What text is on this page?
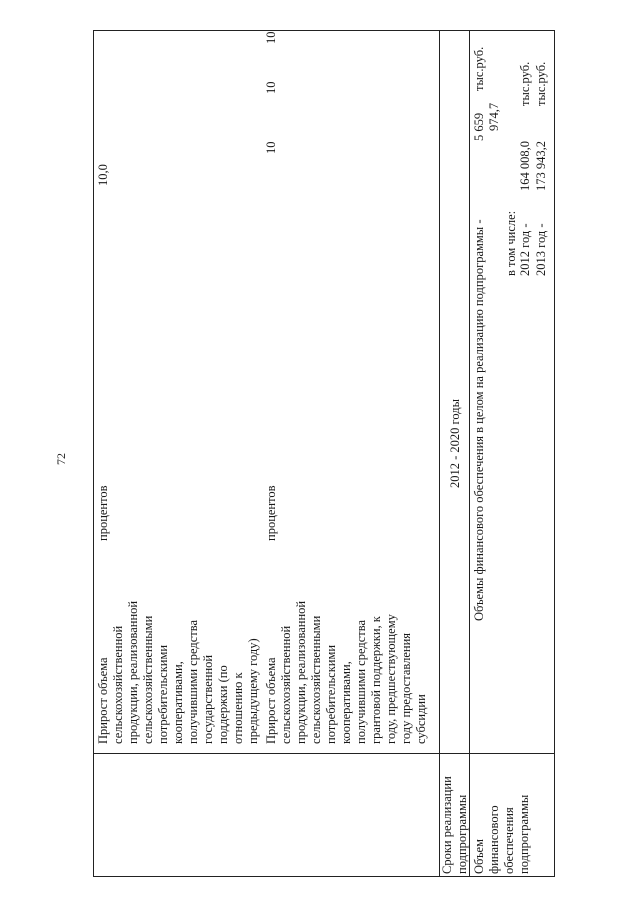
72
Прирост объема сельскохозяйственной продукции, реализованной сельскохозяйственными потребительскими кооперативами, получившими средства государственной поддержки (по отношению к предыдущему году)
процентов
10,0
Прирост объема сельскохозяйственной продукции, реализованной сельскохозяйственными потребительскими кооперативами, получившими средства грантовой поддержки, к году, предшествующему году предоставления субсидии
процентов
10
10
10
Сроки реализации подпрограммы
2012 - 2020 годы
Объем финансового обеспечения подпрограммы
Объемы финансового обеспечения в целом на реализацию подпрограммы -
5 659
тыс.руб.
974,7
в том числе: 2012 год -
164 008,0
тыс.руб.
2013 год -
173 943,2
тыс.руб.
